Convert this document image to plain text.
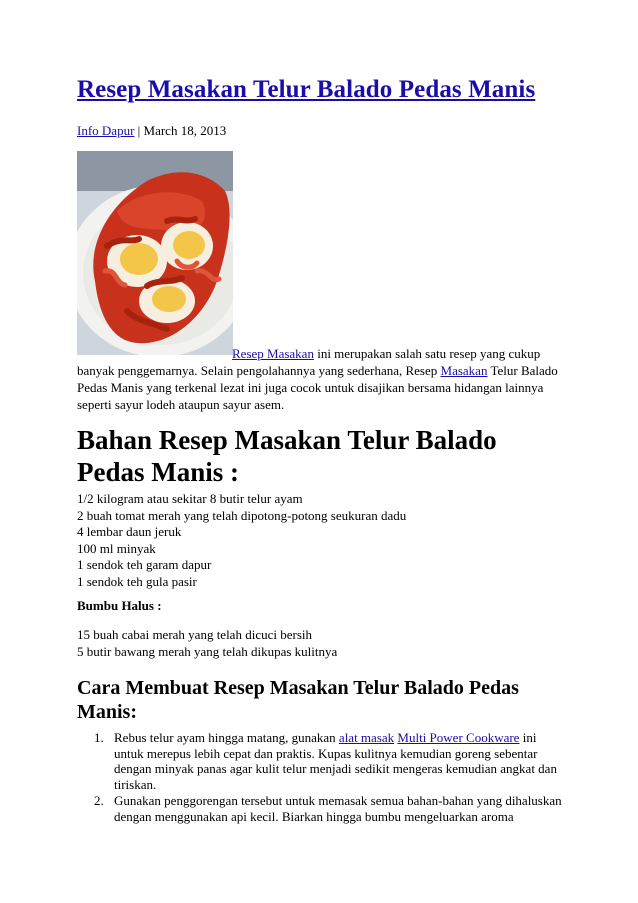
Resep Masakan Telur Balado Pedas Manis
Info Dapur | March 18, 2013
Resep Masakan ini merupakan salah satu resep yang cukup
banyak penggemarnya. Selain pengolahannya yang sederhana, Resep Masakan Telur Balado Pedas Manis yang terkenal lezat ini juga cocok untuk disajikan bersama hidangan lainnya seperti sayur lodeh ataupun sayur asem.
Bahan Resep Masakan Telur Balado Pedas Manis :
1/2 kilogram atau sekitar 8 butir telur ayam
2 buah tomat merah yang telah dipotong-potong seukuran dadu
4 lembar daun jeruk
100 ml minyak
1 sendok teh garam dapur
1 sendok teh gula pasir
Bumbu Halus :
15 buah cabai merah yang telah dicuci bersih
5 butir bawang merah yang telah dikupas kulitnya
Cara Membuat Resep Masakan Telur Balado Pedas Manis:
1. Rebus telur ayam hingga matang, gunakan alat masak Multi Power Cookware ini untuk merepus lebih cepat dan praktis. Kupas kulitnya kemudian goreng sebentar dengan minyak panas agar kulit telur menjadi sedikit mengeras kemudian angkat dan tiriskan.
2. Gunakan penggorengan tersebut untuk memasak semua bahan-bahan yang dihaluskan dengan menggunakan api kecil. Biarkan hingga bumbu mengeluarkan aroma
